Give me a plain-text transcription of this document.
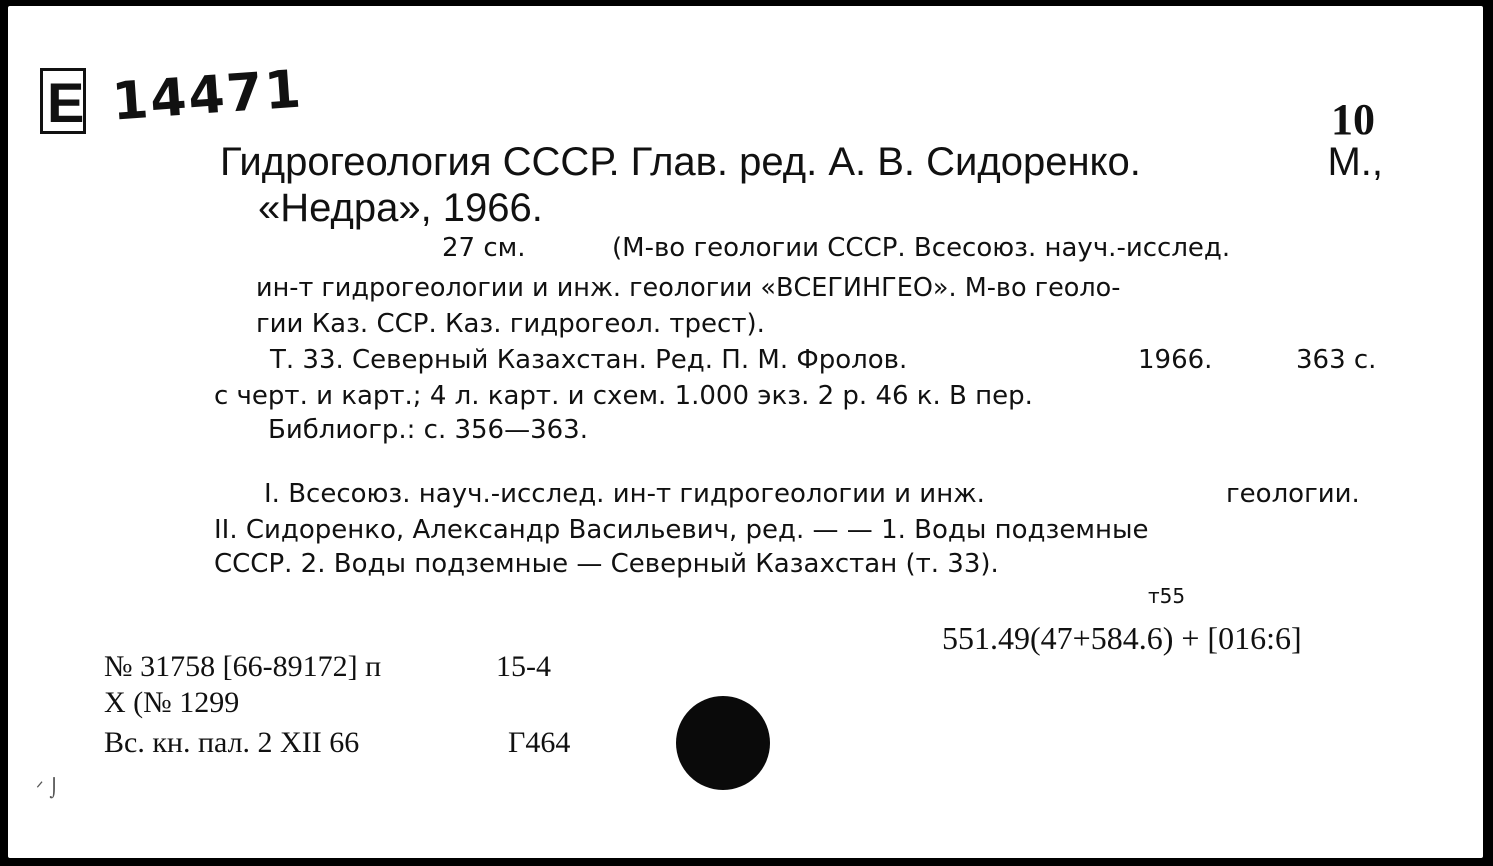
E 14471	10
Гидрогеология СССР. Глав. ред. А. В. Сидоренко.	М.,
«Недра», 1966.
27 см.	(М-во геологии СССР. Всесоюз. науч.-исслед.
ин-т гидрогеологии и инж. геологии «ВСЕГИНГЕО». М-во геоло-
гии Каз. ССР. Каз. гидрогеол. трест).
Т. 33. Северный Казахстан. Ред. П. М. Фролов.	1966.	363 с.
с черт. и карт.; 4 л. карт. и схем. 1.000 экз. 2 р. 46 к. В пер.
Библиогр.: с. 356—363.
I. Всесоюз. науч.-исслед. ин-т гидрогеологии и инж.	геологии.
II. Сидоренко, Александр Васильевич, ред. — — 1. Воды подземные
СССР. 2. Воды подземные — Северный Казахстан (т. 33).
т55
551.49(47+584.6) + [016:6]
№ 31758 [66-89172] п	15-4
Х (№ 1299
Вс. кн. пал. 2 XII 66	Г464
ᐟ ⌡
